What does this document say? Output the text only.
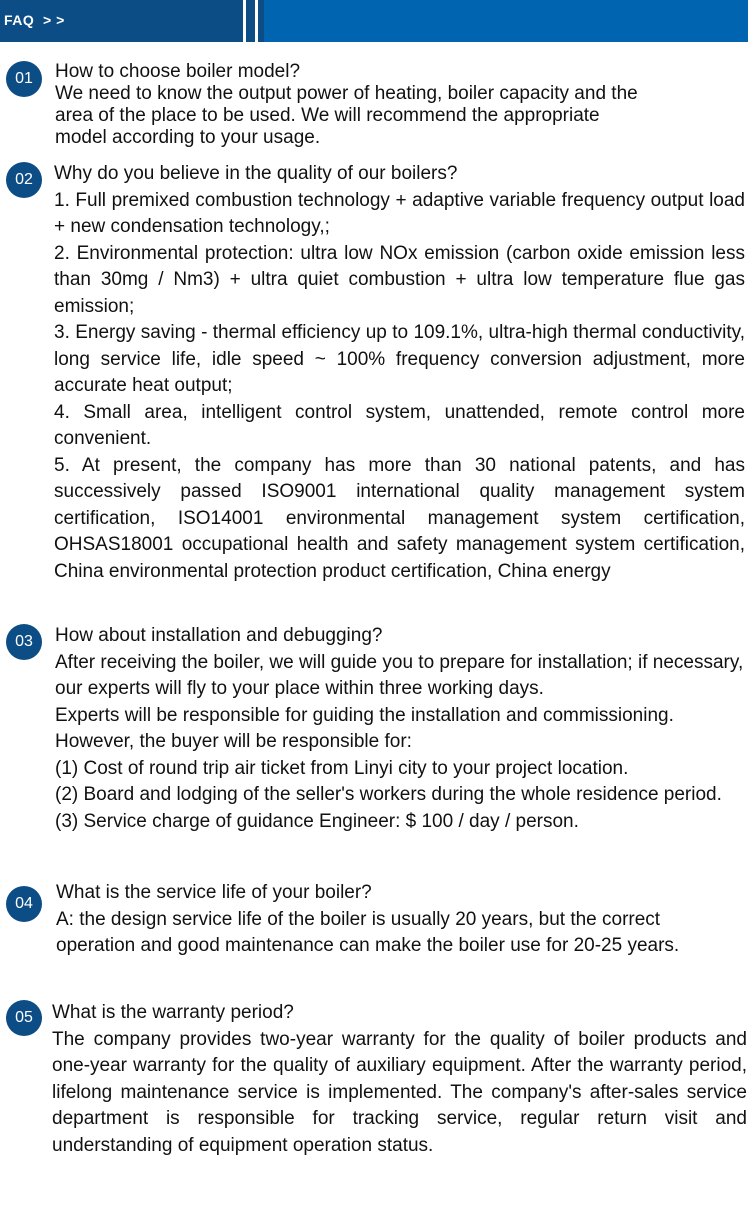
FAQ  > >
01	How to choose boiler model?

We need to know the output power of heating, boiler capacity and the

area of the place to be used. We will recommend the appropriate

model according to your usage.

02	Why do you believe in the quality of our boilers?

1. Full premixed combustion technology + adaptive variable frequency output load + new condensation technology,;

2. Environmental protection: ultra low NOx emission (carbon oxide emission less than 30mg / Nm3) + ultra quiet combustion + ultra low temperature flue gas emission;

3. Energy saving - thermal efficiency up to 109.1%, ultra-high thermal conductivity, long service life, idle speed ~ 100% frequency conversion adjustment, more accurate heat output;

4. Small area, intelligent control system, unattended, remote control more convenient.

5. At present, the company has more than 30 national patents, and has successively passed ISO9001 international quality management system certification, ISO14001 environmental management system certification, OHSAS18001 occupational health and safety management system certification, China environmental protection product certification, China energy

03	How about installation and debugging?

After receiving the boiler, we will guide you to prepare for installation; if necessary, our experts will fly to your place within three working days.

Experts will be responsible for guiding the installation and commissioning.

However, the buyer will be responsible for:

(1) Cost of round trip air ticket from Linyi city to your project location.

(2) Board and lodging of the seller's workers during the whole residence period.

(3) Service charge of guidance Engineer: $ 100 / day / person.

04
What is the service life of your boiler?

A: the design service life of the boiler is usually 20 years, but the correct operation and good maintenance can make the boiler use for 20-25 years.

05	What is the warranty period?

The company provides two-year warranty for the quality of boiler products and one-year warranty for the quality of auxiliary equipment. After the warranty period, lifelong maintenance service is implemented. The company's after-sales service department is responsible for tracking service, regular return visit and understanding of equipment operation status.
